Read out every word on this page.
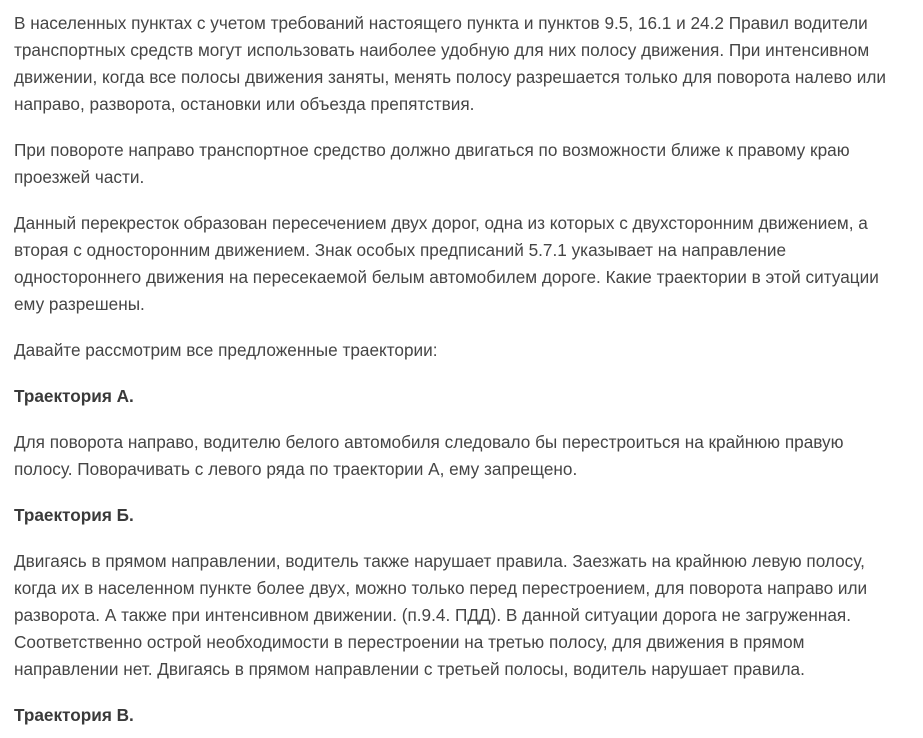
В населенных пунктах с учетом требований настоящего пункта и пунктов 9.5, 16.1 и 24.2 Правил водители транспортных средств могут использовать наиболее удобную для них полосу движения. При интенсивном движении, когда все полосы движения заняты, менять полосу разрешается только для поворота налево или направо, разворота, остановки или объезда препятствия.

При повороте направо транспортное средство должно двигаться по возможности ближе к правому краю проезжей части.

Данный перекресток образован пересечением двух дорог, одна из которых с двухсторонним движением, а вторая с односторонним движением. Знак особых предписаний 5.7.1 указывает на направление одностороннего движения на пересекаемой белым автомобилем дороге. Какие траектории в этой ситуации ему разрешены.

Давайте рассмотрим все предложенные траектории:

Траектория А.

Для поворота направо, водителю белого автомобиля следовало бы перестроиться на крайнюю правую полосу. Поворачивать с левого ряда по траектории А, ему запрещено.

Траектория Б.

Двигаясь в прямом направлении, водитель также нарушает правила. Заезжать на крайнюю левую полосу, когда их в населенном пункте более двух, можно только перед перестроением, для поворота направо или разворота. А также при интенсивном движении. (п.9.4. ПДД). В данной ситуации дорога не загруженная. Соответственно острой необходимости в перестроении на третью полосу, для движения в прямом направлении нет. Двигаясь в прямом направлении с третьей полосы, водитель нарушает правила.

Траектория В.
